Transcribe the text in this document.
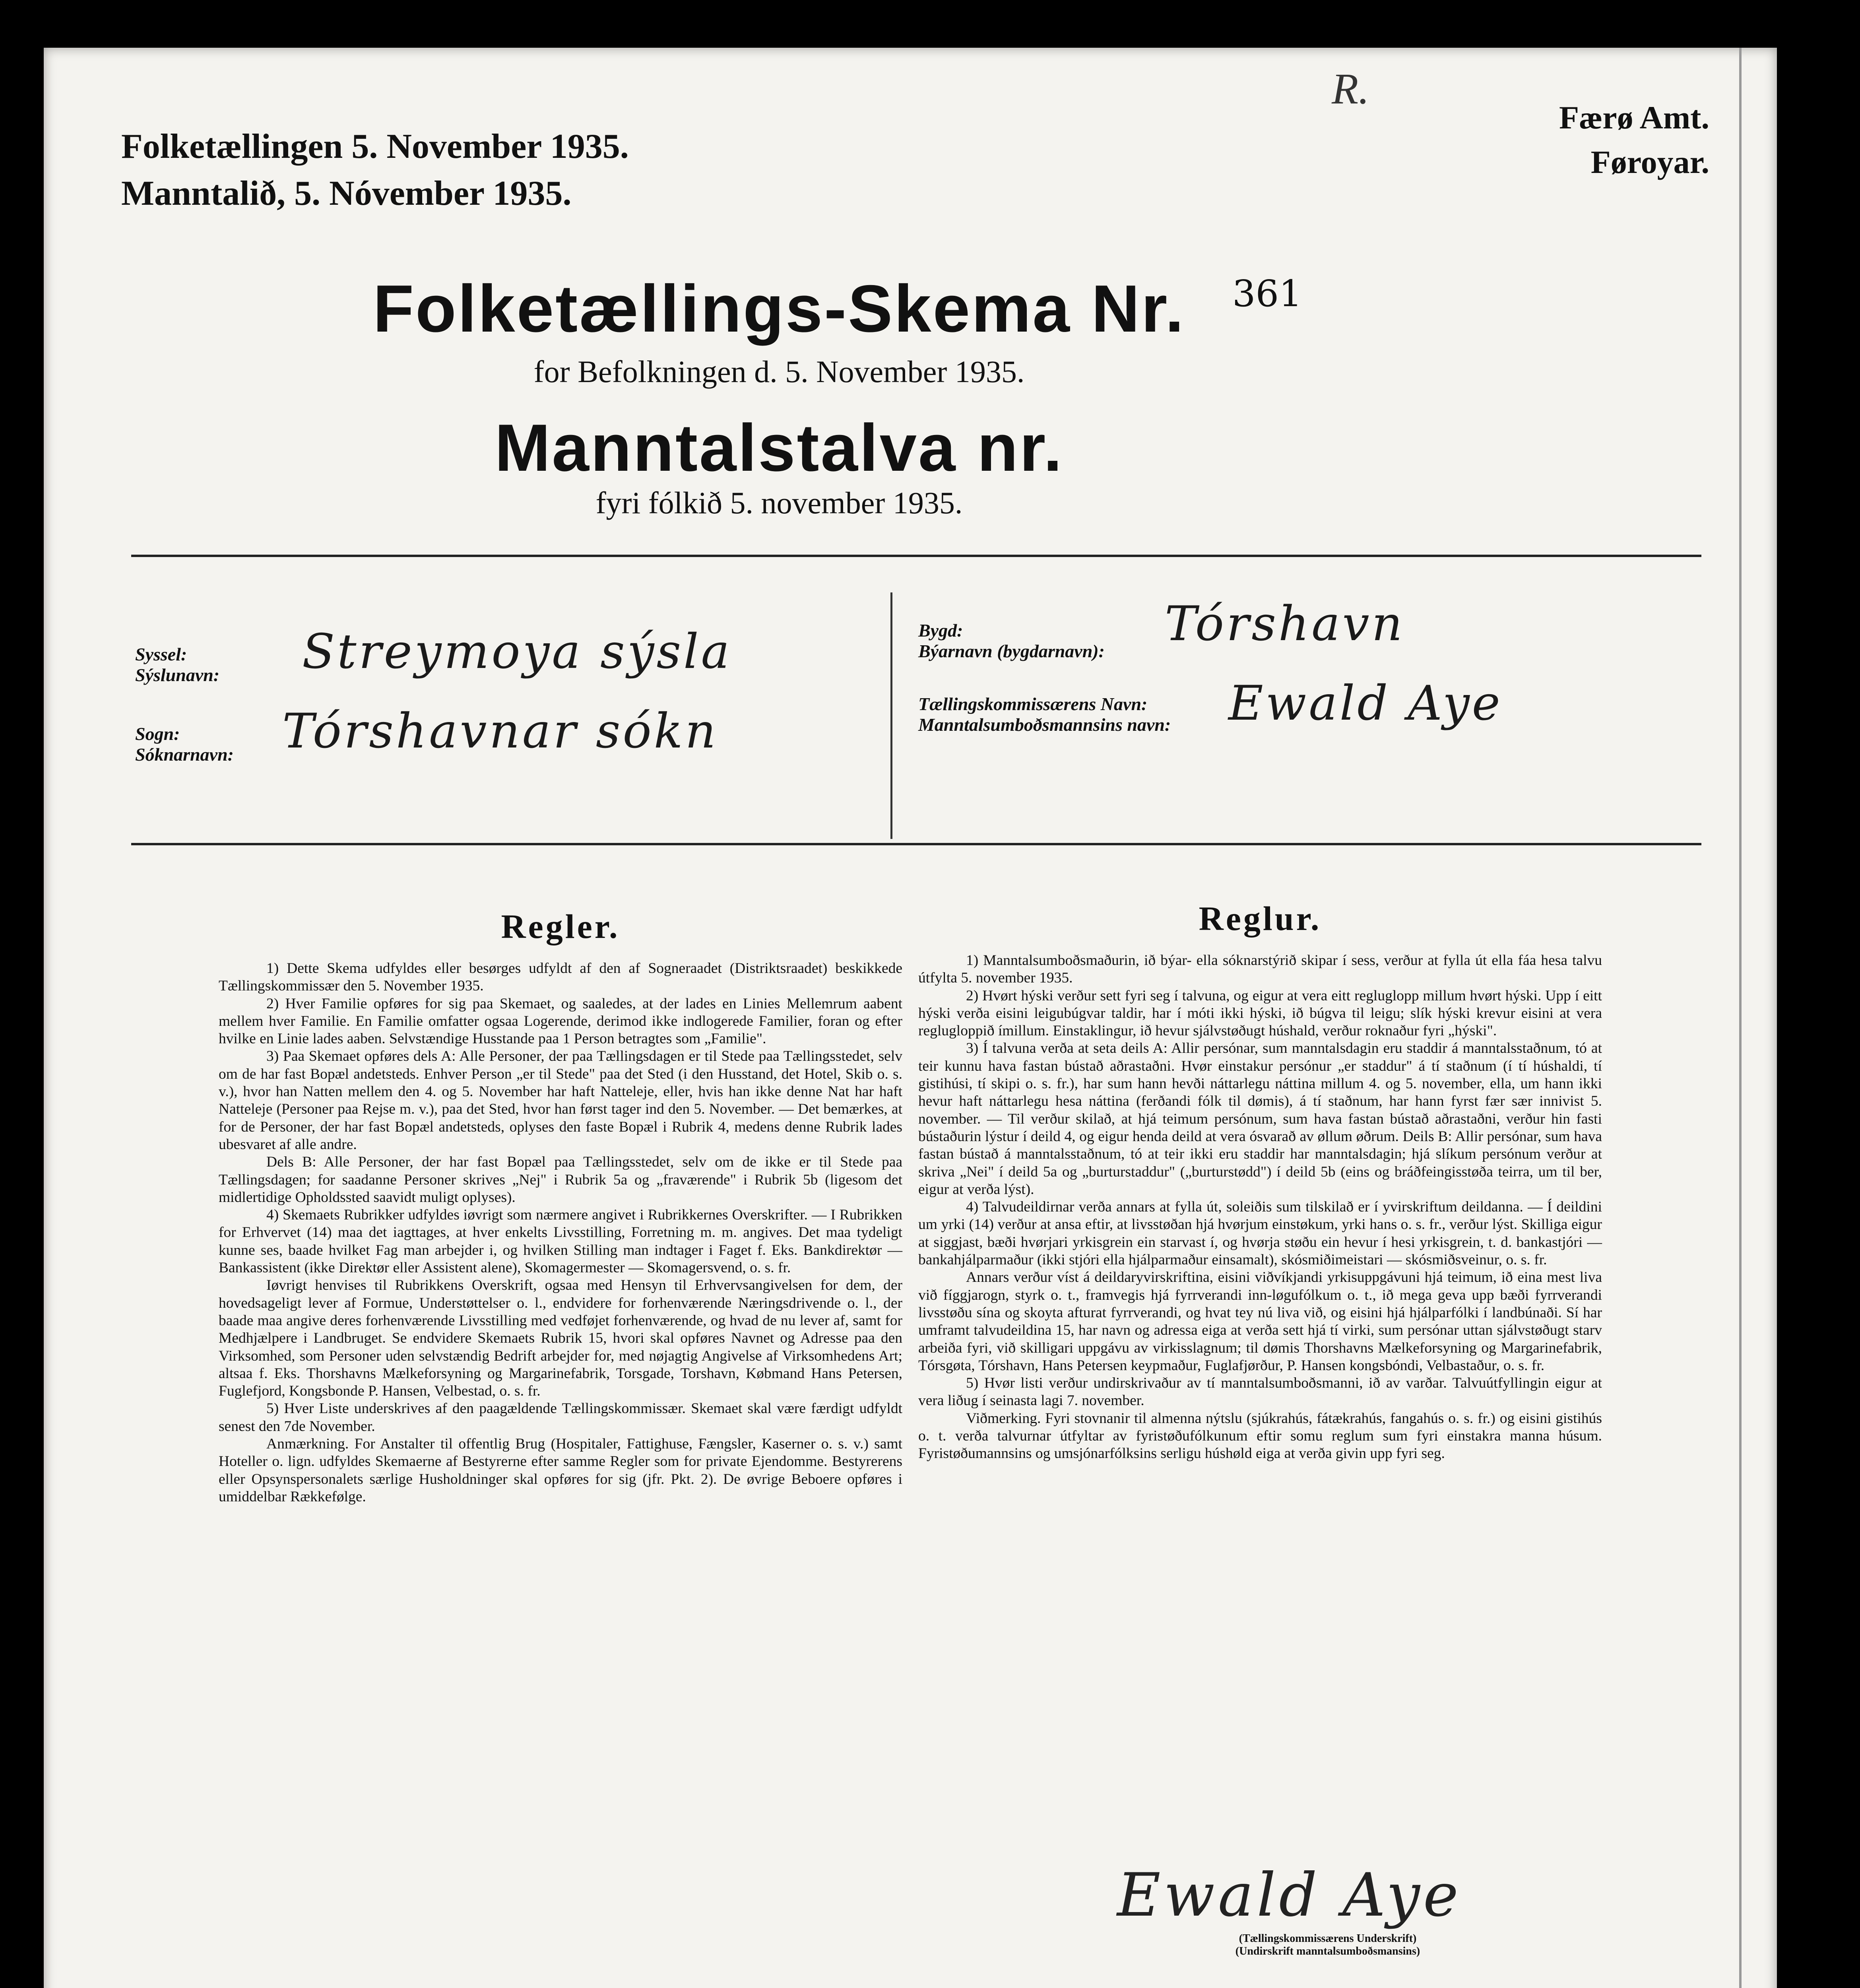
R.
Folketællingen 5. November 1935.
Manntalið, 5. Nóvember 1935.
Færø Amt.
Føroyar.
Folketællings-Skema Nr.	361
for Befolkningen d. 5. November 1935.
Manntalstalva nr.
fyri fólkið 5. november 1935.
Syssel:
Sýslunavn: Streymoya sýsla
Sogn:
Sóknarnavn: Tórshavnar sókn
Bygd:
Býarnavn (bygdarnavn): Tórshavn
Tællingskommissærens Navn:
Manntalsumboðsmannsins navn: Ewald Aye
Regler.

1) Dette Skema udfyldes eller besørges udfyldt af den af Sogneraadet (Distriktsraadet) beskikkede Tællingskommissær den 5. November 1935.

2) Hver Familie opføres for sig paa Skemaet, og saaledes, at der lades en Linies Mellemrum aabent mellem hver Familie. En Familie omfatter ogsaa Logerende, derimod ikke indlogerede Familier, foran og efter hvilke en Linie lades aaben. Selvstændige Husstande paa 1 Person betragtes som „Familie".

3) Paa Skemaet opføres dels A: Alle Personer, der paa Tællingsdagen er til Stede paa Tællingsstedet, selv om de har fast Bopæl andetsteds. Enhver Person „er til Stede" paa det Sted (i den Husstand, det Hotel, Skib o. s. v.), hvor han Natten mellem den 4. og 5. November har haft Natteleje, eller, hvis han ikke denne Nat har haft Natteleje (Personer paa Rejse m. v.), paa det Sted, hvor han først tager ind den 5. November. — Det bemærkes, at for de Personer, der har fast Bopæl andetsteds, oplyses den faste Bopæl i Rubrik 4, medens denne Rubrik lades ubesvaret af alle andre.

Dels B: Alle Personer, der har fast Bopæl paa Tællingsstedet, selv om de ikke er til Stede paa Tællingsdagen; for saadanne Personer skrives „Nej" i Rubrik 5a og „fraværende" i Rubrik 5b (ligesom det midlertidige Opholdssted saavidt muligt oplyses).

4) Skemaets Rubrikker udfyldes iøvrigt som nærmere angivet i Rubrikkernes Overskrifter. — I Rubrikken for Erhvervet (14) maa det iagttages, at hver enkelts Livsstilling, Forretning m. m. angives. Det maa tydeligt kunne ses, baade hvilket Fag man arbejder i, og hvilken Stilling man indtager i Faget f. Eks. Bankdirektør — Bankassistent (ikke Direktør eller Assistent alene), Skomagermester — Skomagersvend, o. s. fr.

Iøvrigt henvises til Rubrikkens Overskrift, ogsaa med Hensyn til Erhvervsangivelsen for dem, der hovedsageligt lever af Formue, Understøttelser o. l., endvidere for forhenværende Næringsdrivende o. l., der baade maa angive deres forhenværende Livsstilling med vedføjet forhenværende, og hvad de nu lever af, samt for Medhjælpere i Landbruget. Se endvidere Skemaets Rubrik 15, hvori skal opføres Navnet og Adresse paa den Virksomhed, som Personer uden selvstændig Bedrift arbejder for, med nøjagtig Angivelse af Virksomhedens Art; altsaa f. Eks. Thorshavns Mælkeforsyning og Margarinefabrik, Torsgade, Torshavn, Købmand Hans Petersen, Fuglefjord, Kongsbonde P. Hansen, Velbestad, o. s. fr.

5) Hver Liste underskrives af den paagældende Tællingskommissær. Skemaet skal være færdigt udfyldt senest den 7de November.

Anmærkning. For Anstalter til offentlig Brug (Hospitaler, Fattighuse, Fængsler, Kaserner o. s. v.) samt Hoteller o. lign. udfyldes Skemaerne af Bestyrerne efter samme Regler som for private Ejendomme. Bestyrerens eller Opsynspersonalets særlige Husholdninger skal opføres for sig (jfr. Pkt. 2). De øvrige Beboere opføres i umiddelbar Rækkefølge.

Reglur.

1) Manntalsumboðsmaðurin, ið býar- ella sóknarstýrið skipar í sess, verður at fylla út ella fáa hesa talvu útfylta 5. november 1935.

2) Hvørt hýski verður sett fyri seg í talvuna, og eigur at vera eitt regluglopp millum hvørt hýski. Upp í eitt hýski verða eisini leigubúgvar taldir, har í móti ikki hýski, ið búgva til leigu; slík hýski krevur eisini at vera reglugloppið ímillum. Einstaklingur, ið hevur sjálvstøðugt húshald, verður roknaður fyri „hýski".

3) Í talvuna verða at seta deils A: Allir persónar, sum manntalsdagin eru staddir á manntalsstaðnum, tó at teir kunnu hava fastan bústað aðrastaðni. Hvør einstakur persónur „er staddur" á tí staðnum (í tí húshaldi, tí gistihúsi, tí skipi o. s. fr.), har sum hann hevði náttarlegu náttina millum 4. og 5. november, ella, um hann ikki hevur haft náttarlegu hesa náttina (ferðandi fólk til dømis), á tí staðnum, har hann fyrst fær sær innivist 5. november. — Til verður skilað, at hjá teimum persónum, sum hava fastan bústað aðrastaðni, verður hin fasti bústaðurin lýstur í deild 4, og eigur henda deild at vera ósvarað av øllum øðrum. Deils B: Allir persónar, sum hava fastan bústað á manntalsstaðnum, tó at teir ikki eru staddir har manntalsdagin; hjá slíkum persónum verður at skriva „Nei" í deild 5a og „burturstaddur" („burturstødd") í deild 5b (eins og bráðfeingisstøða teirra, um til ber, eigur at verða lýst).

4) Talvudeildirnar verða annars at fylla út, soleiðis sum tilskilað er í yvirskriftum deildanna. — Í deildini um yrki (14) verður at ansa eftir, at livsstøðan hjá hvørjum einstøkum, yrki hans o. s. fr., verður lýst. Skilliga eigur at siggjast, bæði hvørjari yrkisgrein ein starvast í, og hvørja støðu ein hevur í hesi yrkisgrein, t. d. bankastjóri — bankahjálparmaður (ikki stjóri ella hjálparmaður einsamalt), skósmiðimeistari — skósmiðsveinur, o. s. fr.

Annars verður víst á deildaryvirskriftina, eisini viðvíkjandi yrkisuppgávuni hjá teimum, ið eina mest liva við fíggjarogn, styrk o. t., framvegis hjá fyrrverandi inn-løgufólkum o. t., ið mega geva upp bæði fyrrverandi livsstøðu sína og skoyta afturat fyrrverandi, og hvat tey nú liva við, og eisini hjá hjálparfólki í landbúnaði. Sí har umframt talvudeildina 15, har navn og adressa eiga at verða sett hjá tí virki, sum persónar uttan sjálvstøðugt starv arbeiða fyri, við skilligari uppgávu av virkisslagnum; til dømis Thorshavns Mælkeforsyning og Margarinefabrik, Tórsgøta, Tórshavn, Hans Petersen keypmaður, Fuglafjørður, P. Hansen kongsbóndi, Velbastaður, o. s. fr.

5) Hvør listi verður undirskrivaður av tí manntalsumboðsmanni, ið av varðar. Talvuútfyllingin eigur at vera liðug í seinasta lagi 7. november.

Viðmerking. Fyri stovnanir til almenna nýtslu (sjúkrahús, fátækrahús, fangahús o. s. fr.) og eisini gistihús o. t. verða talvurnar útfyltar av fyristøðufólkunum eftir somu reglum sum fyri einstakra manna húsum. Fyristøðumannsins og umsjónarfólksins serligu húshøld eiga at verða givin upp fyri seg.

Ewald Aye
(Tællingskommissærens Underskrift)
(Undirskrift manntalsumboðsmansins)
